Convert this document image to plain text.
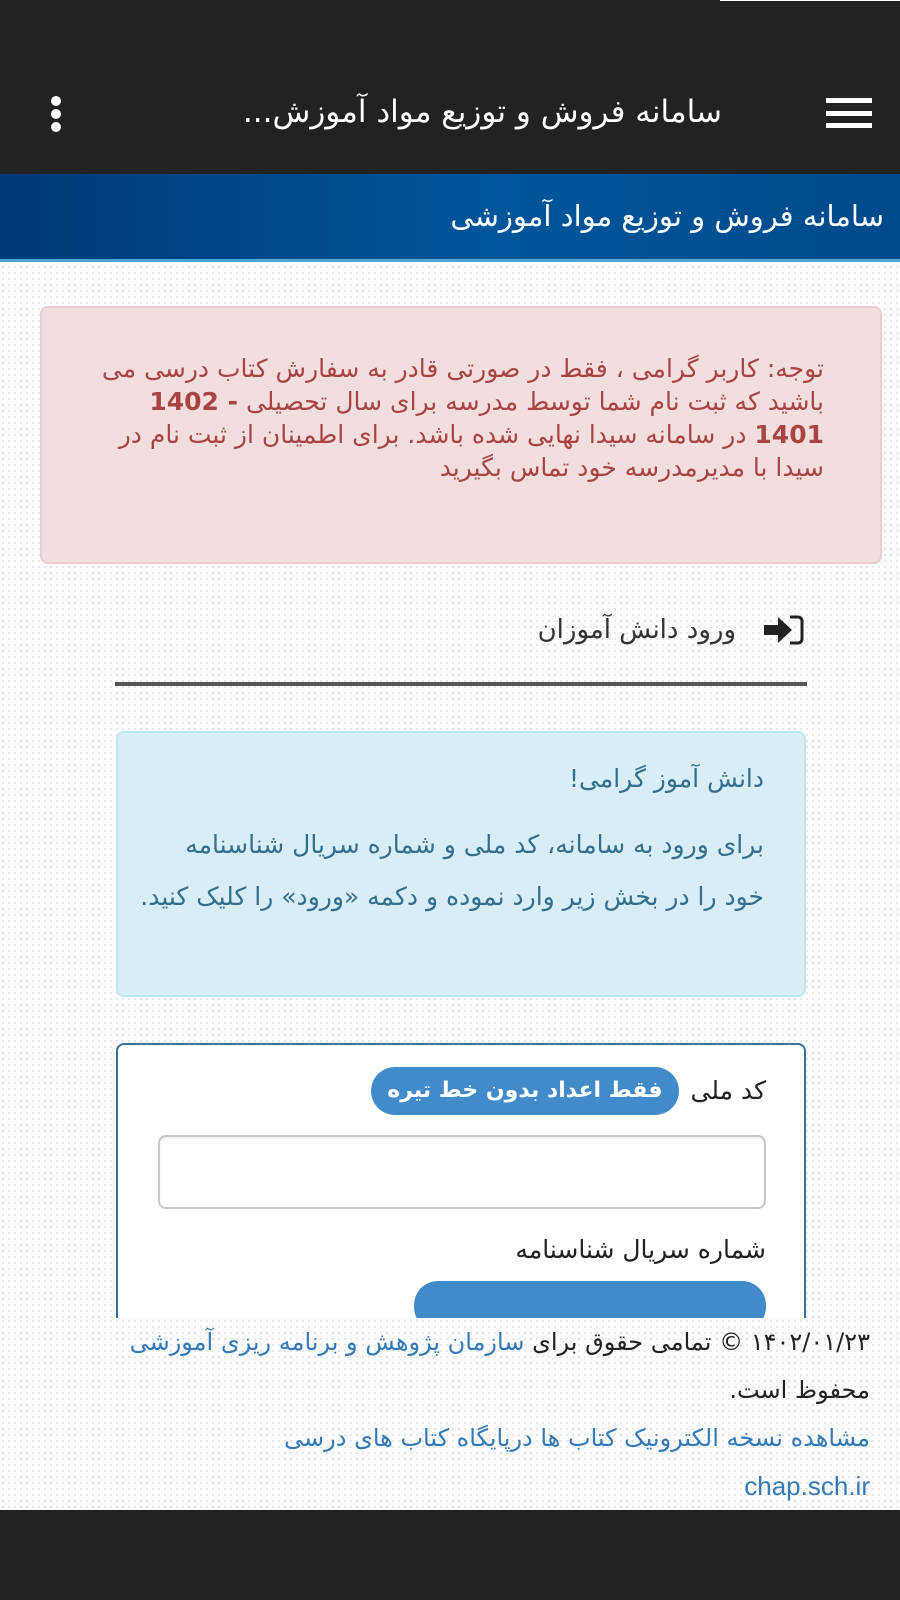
سامانه فروش و توزیع مواد آموزش...
سامانه فروش و توزیع مواد آموزشی
توجه: کاربر گرامی ، فقط در صورتی قادر به سفارش کتاب درسی می باشید که ثبت نام شما توسط مدرسه برای سال تحصیلی 1402 - 1401 در سامانه سیدا نهایی شده باشد. برای اطمینان از ثبت نام در سیدا با مدیرمدرسه خود تماس بگیرید
ورود دانش آموزان
دانش آموز گرامی!
برای ورود به سامانه، کد ملی و شماره سریال شناسنامه خود را در بخش زیر وارد نموده و دکمه «ورود» را کلیک کنید.
کد ملی
فقط اعداد بدون خط تیره
شماره سریال شناسنامه
۱۴۰۲/۰۱/۲۳ © تمامی حقوق برای سازمان پژوهش و برنامه ریزی آموزشی محفوظ است.
مشاهده نسخه الکترونیک کتاب ها درپایگاه کتاب های درسی
chap.sch.ir
